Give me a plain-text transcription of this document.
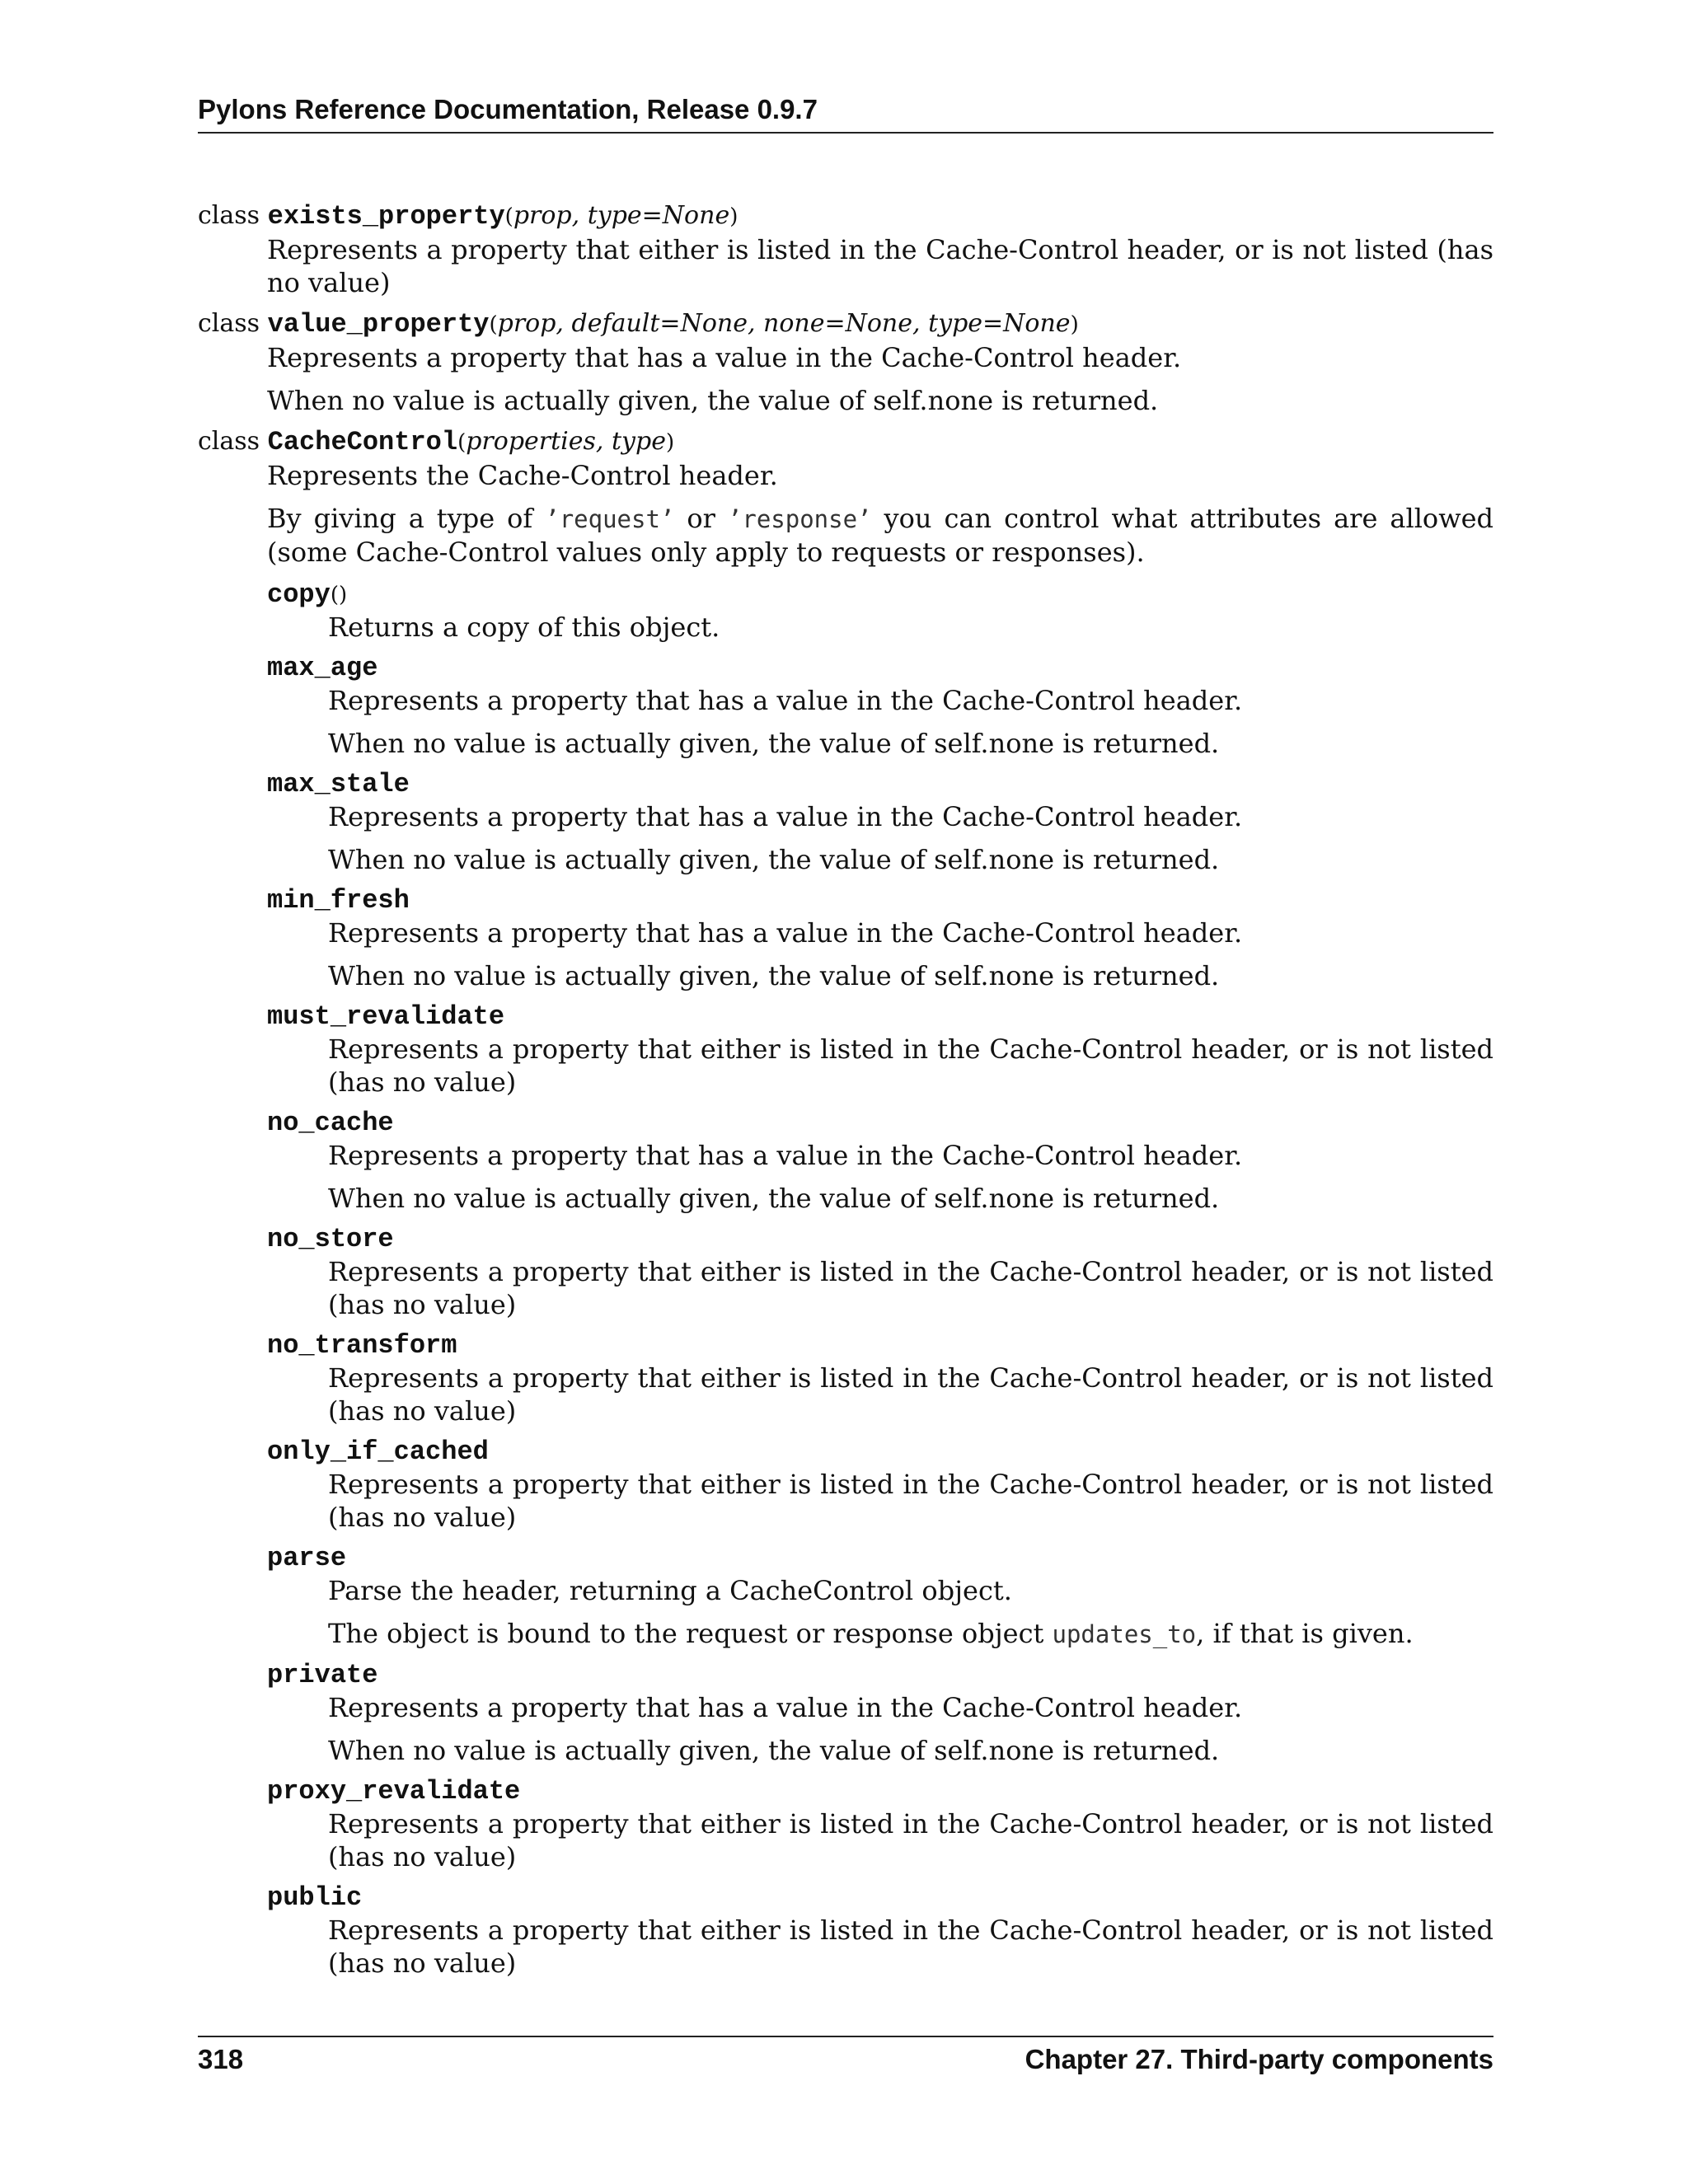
Pylons Reference Documentation, Release 0.9.7

class exists_property(prop, type=None)

Represents a property that either is listed in the Cache-Control header, or is not listed (has no value)

class value_property(prop, default=None, none=None, type=None)

Represents a property that has a value in the Cache-Control header.

When no value is actually given, the value of self.none is returned.

class CacheControl(properties, type)

Represents the Cache-Control header.

By giving a type of ’request’ or ’response’ you can control what attributes are allowed (some Cache-Control values only apply to requests or responses).

copy()

Returns a copy of this object.

max_age

Represents a property that has a value in the Cache-Control header.

When no value is actually given, the value of self.none is returned.

max_stale

Represents a property that has a value in the Cache-Control header.

When no value is actually given, the value of self.none is returned.

min_fresh

Represents a property that has a value in the Cache-Control header.

When no value is actually given, the value of self.none is returned.

must_revalidate

Represents a property that either is listed in the Cache-Control header, or is not listed (has no value)

no_cache

Represents a property that has a value in the Cache-Control header.

When no value is actually given, the value of self.none is returned.

no_store

Represents a property that either is listed in the Cache-Control header, or is not listed (has no value)

no_transform

Represents a property that either is listed in the Cache-Control header, or is not listed (has no value)

only_if_cached

Represents a property that either is listed in the Cache-Control header, or is not listed (has no value)

parse

Parse the header, returning a CacheControl object.

The object is bound to the request or response object updates_to, if that is given.

private

Represents a property that has a value in the Cache-Control header.

When no value is actually given, the value of self.none is returned.

proxy_revalidate

Represents a property that either is listed in the Cache-Control header, or is not listed (has no value)

public

Represents a property that either is listed in the Cache-Control header, or is not listed (has no value)

318	Chapter 27. Third-party components
